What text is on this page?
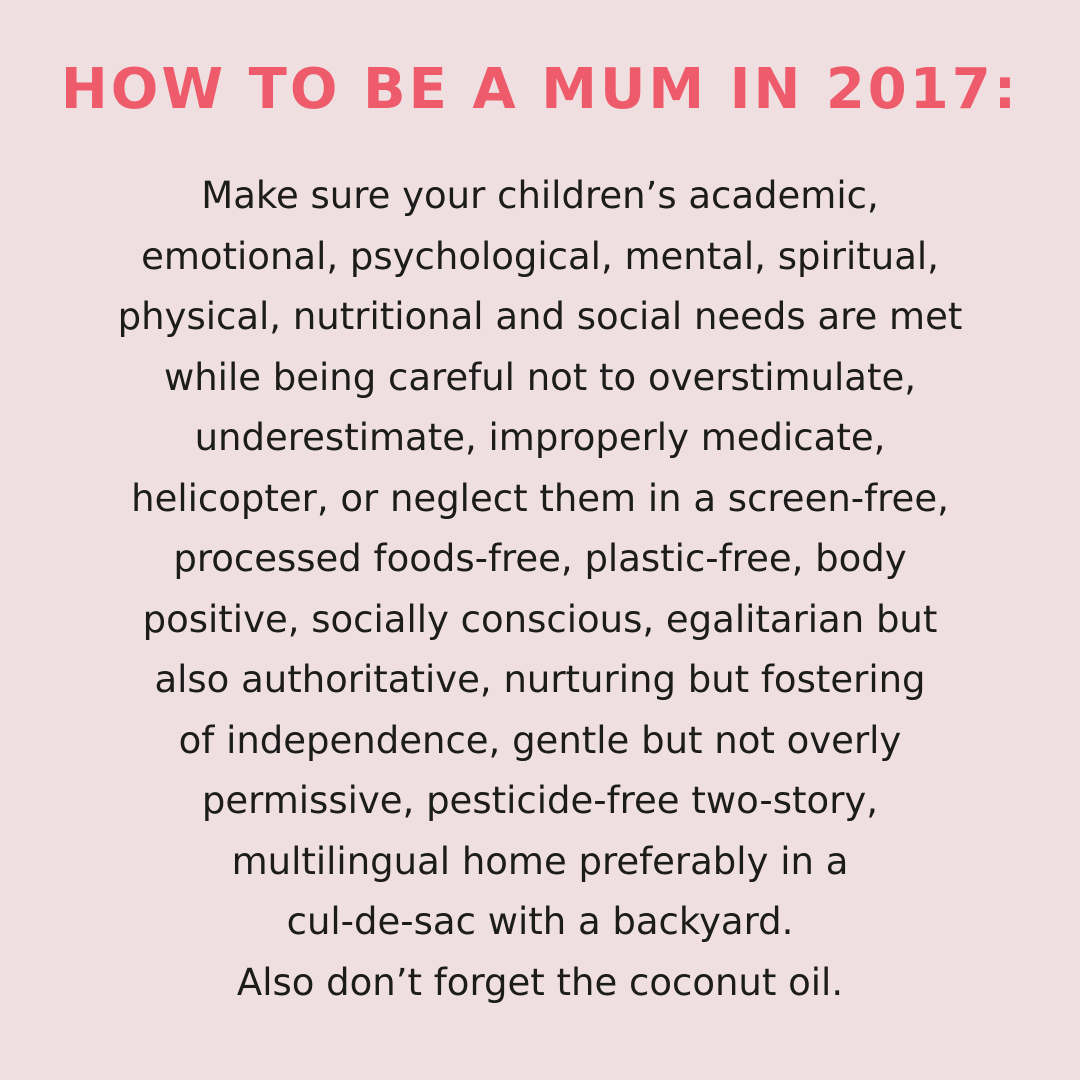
HOW TO BE A MUM IN 2017:

Make sure your children’s academic,
emotional, psychological, mental, spiritual,
physical, nutritional and social needs are met
while being careful not to overstimulate,
underestimate, improperly medicate,
helicopter, or neglect them in a screen-free,
processed foods-free, plastic-free, body
positive, socially conscious, egalitarian but
also authoritative, nurturing but fostering
of independence, gentle but not overly
permissive, pesticide-free two-story,
multilingual home preferably in a
cul-de-sac with a backyard.
Also don’t forget the coconut oil.
